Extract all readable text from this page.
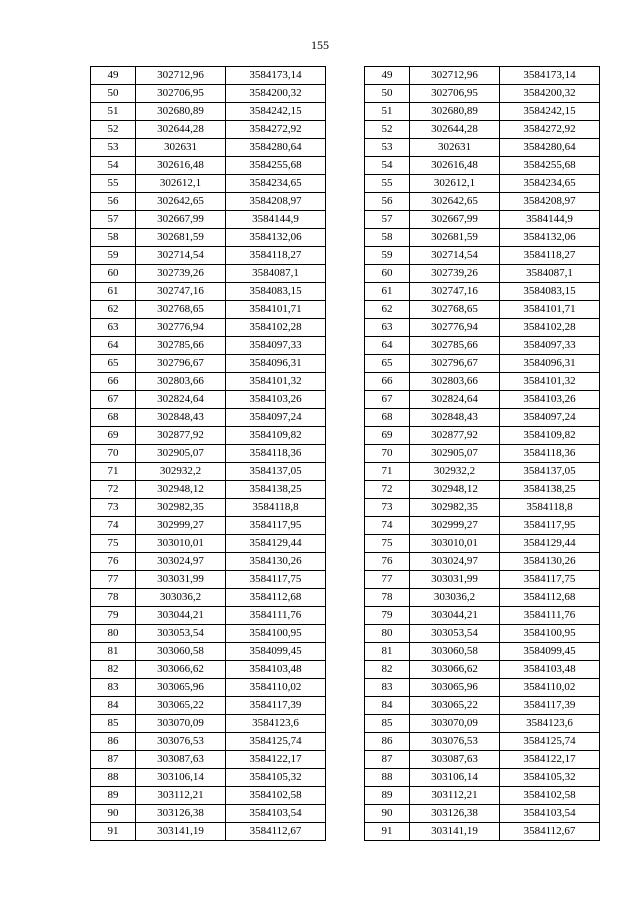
155
49	302712,96	3584173,14
50	302706,95	3584200,32
51	302680,89	3584242,15
52	302644,28	3584272,92
53	302631	3584280,64
54	302616,48	3584255,68
55	302612,1	3584234,65
56	302642,65	3584208,97
57	302667,99	3584144,9
58	302681,59	3584132,06
59	302714,54	3584118,27
60	302739,26	3584087,1
61	302747,16	3584083,15
62	302768,65	3584101,71
63	302776,94	3584102,28
64	302785,66	3584097,33
65	302796,67	3584096,31
66	302803,66	3584101,32
67	302824,64	3584103,26
68	302848,43	3584097,24
69	302877,92	3584109,82
70	302905,07	3584118,36
71	302932,2	3584137,05
72	302948,12	3584138,25
73	302982,35	3584118,8
74	302999,27	3584117,95
75	303010,01	3584129,44
76	303024,97	3584130,26
77	303031,99	3584117,75
78	303036,2	3584112,68
79	303044,21	3584111,76
80	303053,54	3584100,95
81	303060,58	3584099,45
82	303066,62	3584103,48
83	303065,96	3584110,02
84	303065,22	3584117,39
85	303070,09	3584123,6
86	303076,53	3584125,74
87	303087,63	3584122,17
88	303106,14	3584105,32
89	303112,21	3584102,58
90	303126,38	3584103,54
91	303141,19	3584112,67
49	302712,96	3584173,14
50	302706,95	3584200,32
51	302680,89	3584242,15
52	302644,28	3584272,92
53	302631	3584280,64
54	302616,48	3584255,68
55	302612,1	3584234,65
56	302642,65	3584208,97
57	302667,99	3584144,9
58	302681,59	3584132,06
59	302714,54	3584118,27
60	302739,26	3584087,1
61	302747,16	3584083,15
62	302768,65	3584101,71
63	302776,94	3584102,28
64	302785,66	3584097,33
65	302796,67	3584096,31
66	302803,66	3584101,32
67	302824,64	3584103,26
68	302848,43	3584097,24
69	302877,92	3584109,82
70	302905,07	3584118,36
71	302932,2	3584137,05
72	302948,12	3584138,25
73	302982,35	3584118,8
74	302999,27	3584117,95
75	303010,01	3584129,44
76	303024,97	3584130,26
77	303031,99	3584117,75
78	303036,2	3584112,68
79	303044,21	3584111,76
80	303053,54	3584100,95
81	303060,58	3584099,45
82	303066,62	3584103,48
83	303065,96	3584110,02
84	303065,22	3584117,39
85	303070,09	3584123,6
86	303076,53	3584125,74
87	303087,63	3584122,17
88	303106,14	3584105,32
89	303112,21	3584102,58
90	303126,38	3584103,54
91	303141,19	3584112,67
